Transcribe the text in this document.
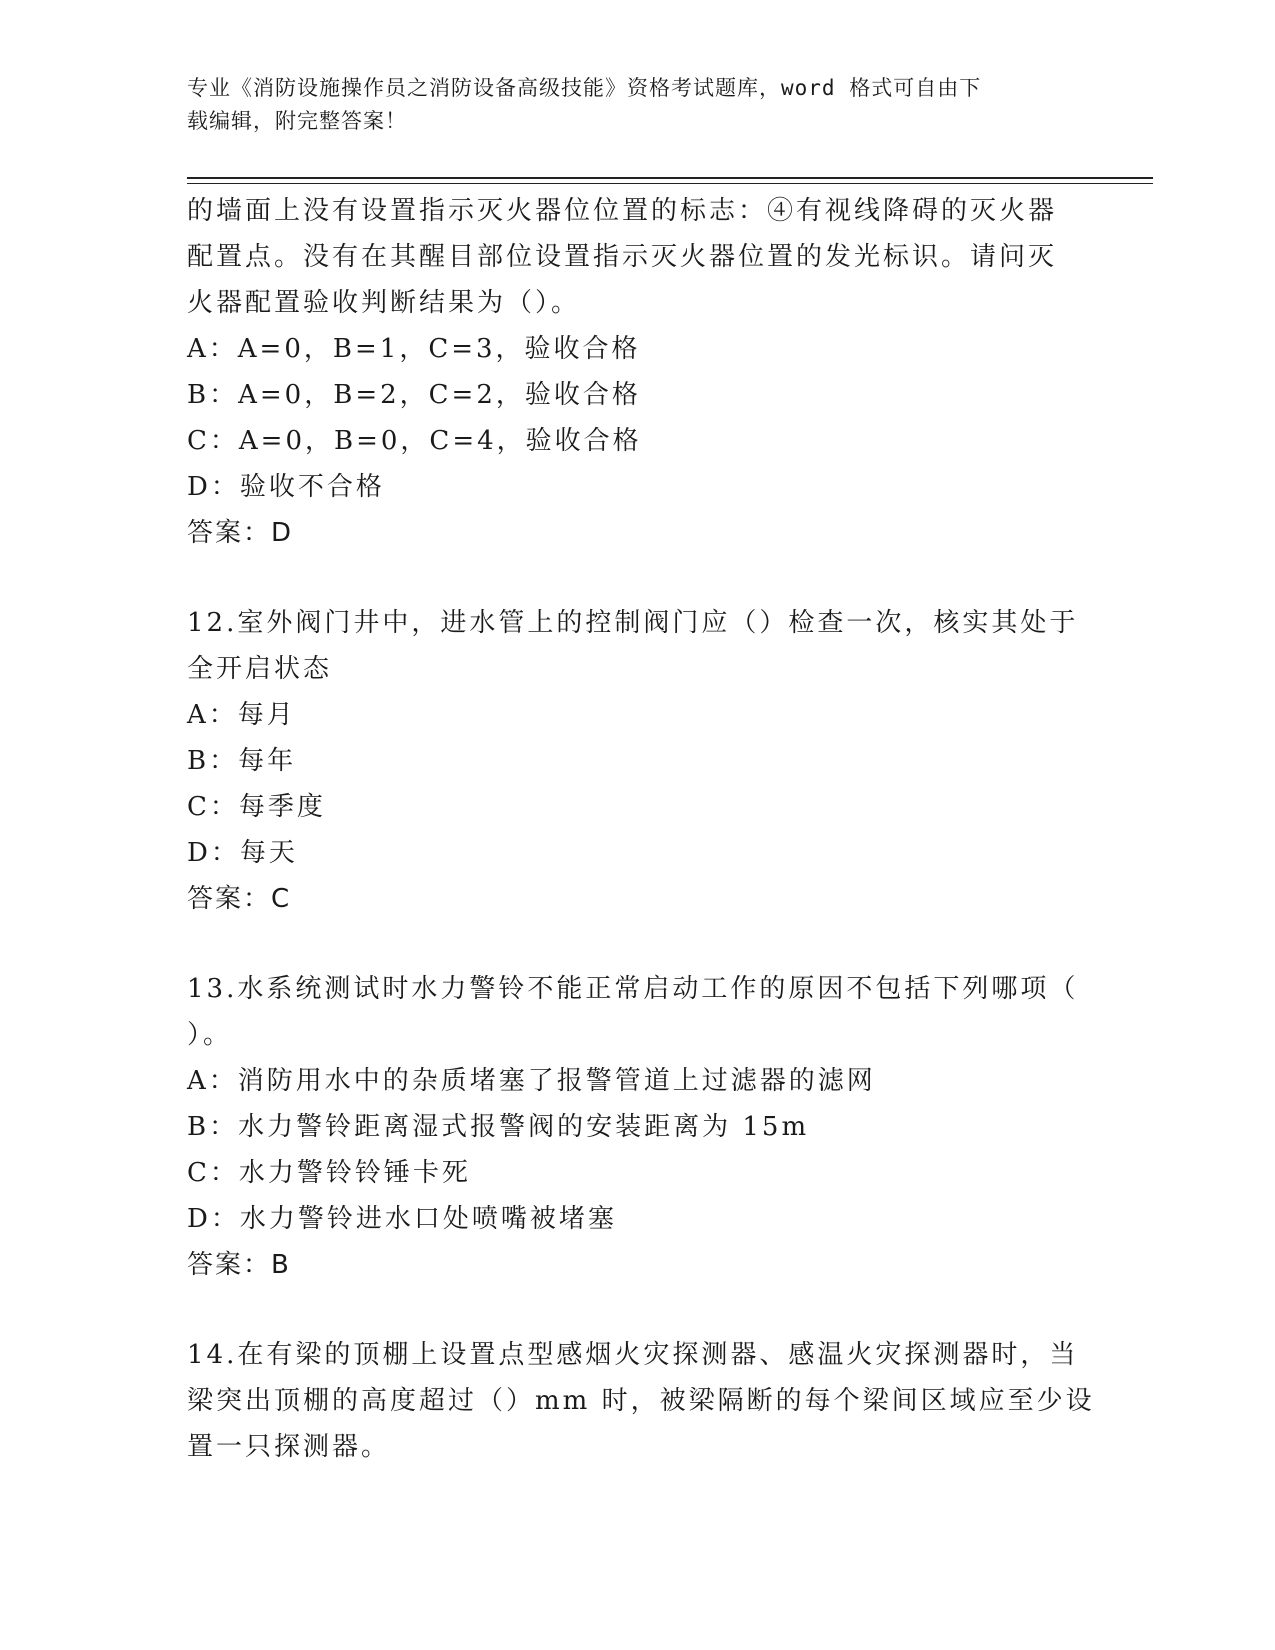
专业《消防设施操作员之消防设备高级技能》资格考试题库，word 格式可自由下
载编辑，附完整答案！
的墙面上没有设置指示灭火器位位置的标志：④有视线降碍的灭火器
配置点。没有在其醒目部位设置指示灭火器位置的发光标识。请问灭
火器配置验收判断结果为（）。
A：A=0，B=1，C=3，验收合格
B：A=0，B=2，C=2，验收合格
C：A=0，B=0，C=4，验收合格
D：验收不合格
答案：D
12.室外阀门井中，进水管上的控制阀门应（）检查一次，核实其处于
全开启状态
A：每月
B：每年
C：每季度
D：每天
答案：C
13.水系统测试时水力警铃不能正常启动工作的原因不包括下列哪项（
）。
A：消防用水中的杂质堵塞了报警管道上过滤器的滤网
B：水力警铃距离湿式报警阀的安装距离为 15m
C：水力警铃铃锤卡死
D：水力警铃进水口处喷嘴被堵塞
答案：B
14.在有梁的顶棚上设置点型感烟火灾探测器、感温火灾探测器时，当
梁突出顶棚的高度超过（）mm 时，被梁隔断的每个梁间区域应至少设
置一只探测器。
